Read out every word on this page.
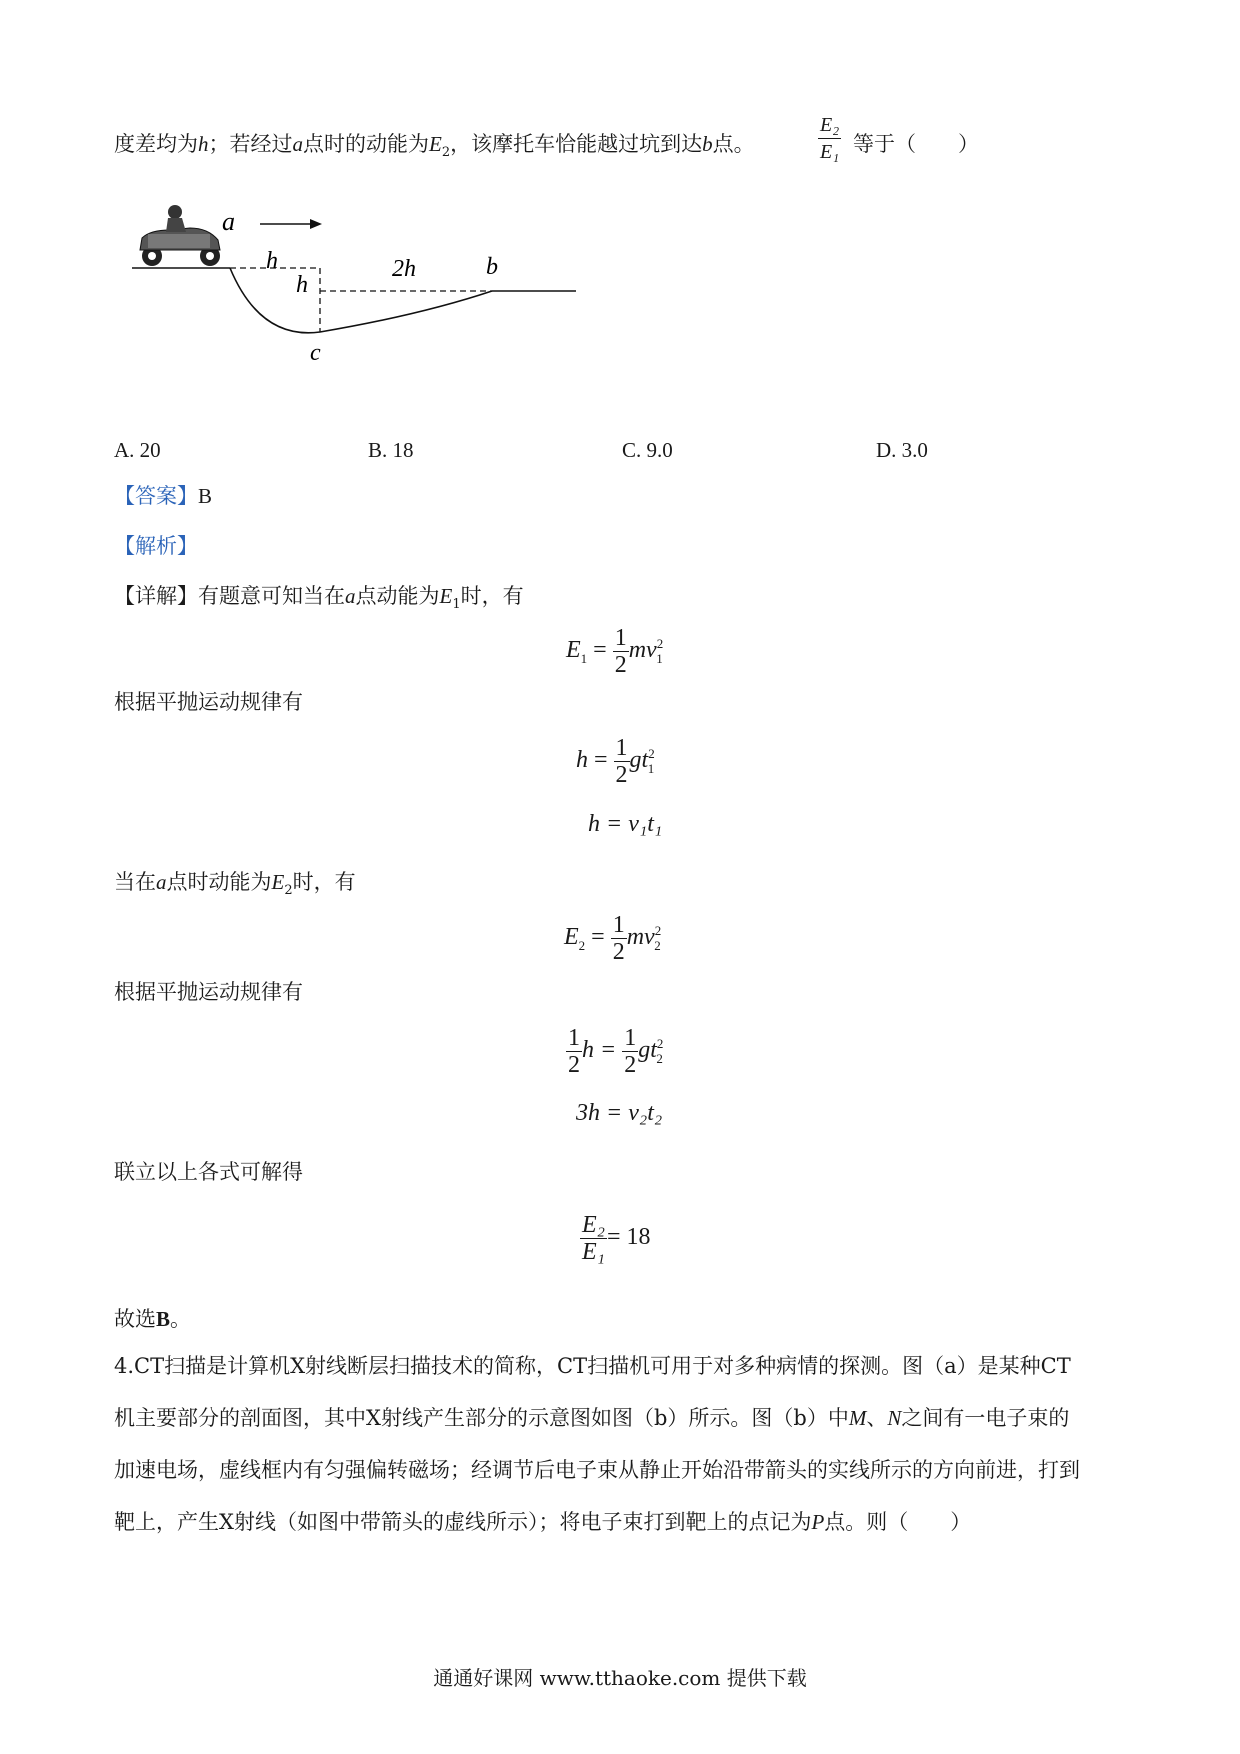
度差均为h；若经过a点时的动能为$E_2$，该摩托车恰能越过坑到达b点。	$\frac{\text{E₂}}{\text{E₁}}$ 等于（　　）
a
h
h
2h	b
c
A. 20	B. 18	C. 9.0	D. 3.0
【答案】B
【解析】
【详解】有题意可知当在a点动能为$E_1$时，有
$E_1 = \frac{1}{2} mv^2_1$
根据平抛运动规律有
$h = \frac{1}{2} gt^2_1$
h = v₁t₁
当在a点时动能为$E_2$时，有
$E_2 = \frac{1}{2} mv^2_2$
根据平抛运动规律有
$\frac{1}{2}$ $h = \frac{1}{2} gt^2_2$
3h = v₂t₂
联立以上各式可解得
$\frac{\text{E₂}}{\text{E₁}} = 18$
故选B。
4.CT扫描是计算机X射线断层扫描技术的简称，CT扫描机可用于对多种病情的探测。图（a）是某种CT
机主要部分的剖面图，其中X射线产生部分的示意图如图（b）所示。图（b）中M、N之间有一电子束的
加速电场，虚线框内有匀强偏转磁场；经调节后电子束从静止开始沿带箭头的实线所示的方向前进，打到
靶上，产生X射线（如图中带箭头的虚线所示）；将电子束打到靶上的点记为P点。则（　　）
通通好课网 www.tthaoke.com 提供下载
